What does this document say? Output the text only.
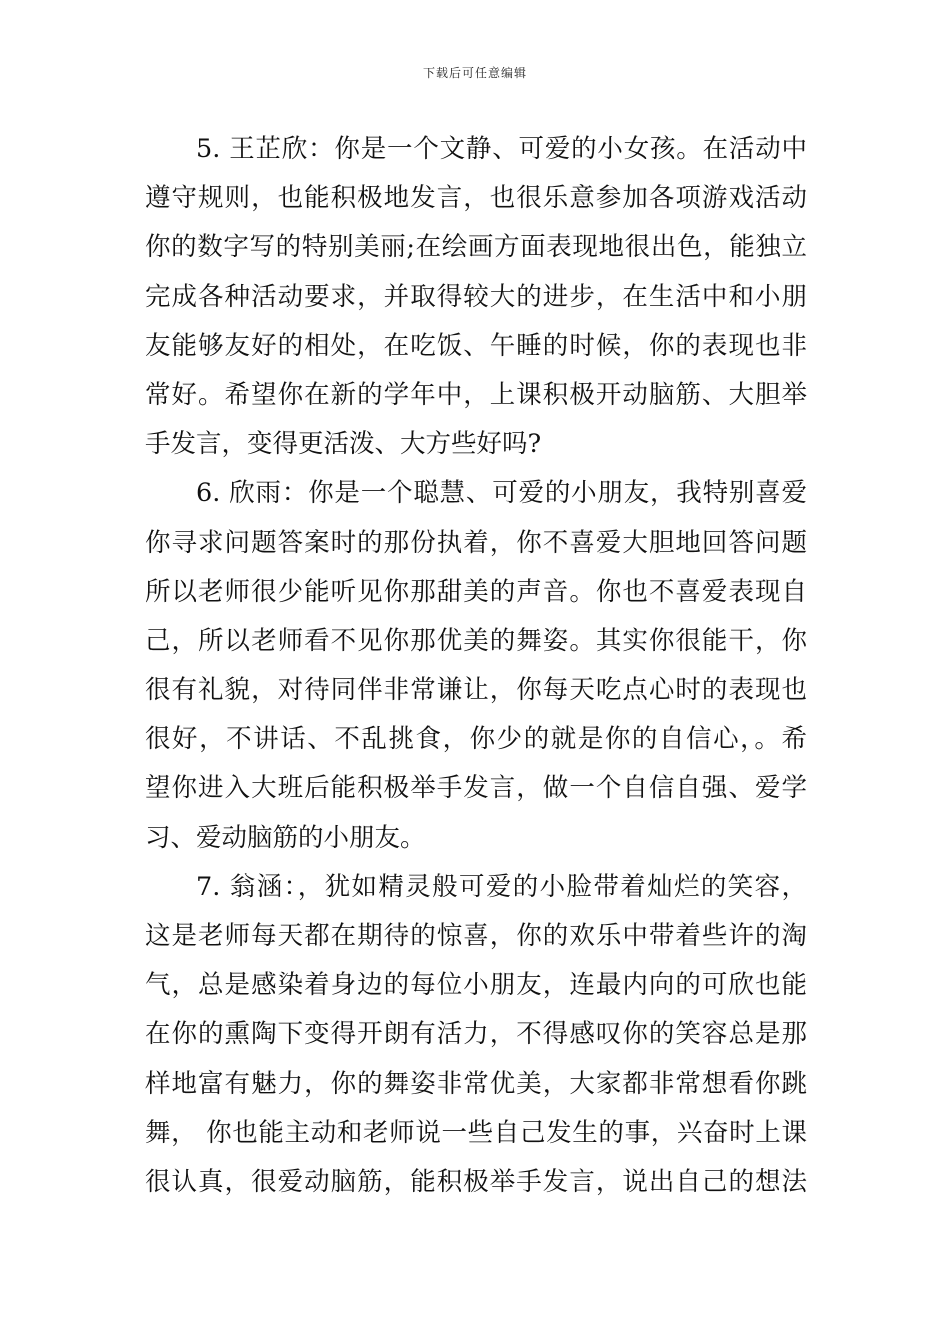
下载后可任意编辑
5. 王芷欣：你是一个文静、可爱的小女孩。在活动中
遵守规则，也能积极地发言，也很乐意参加各项游戏活动
你的数字写的特别美丽;在绘画方面表现地很出色，能独立
完成各种活动要求，并取得较大的进步，在生活中和小朋
友能够友好的相处，在吃饭、午睡的时候，你的表现也非
常好。希望你在新的学年中，上课积极开动脑筋、大胆举
手发言，变得更活泼、大方些好吗?
6. 欣雨：你是一个聪慧、可爱的小朋友，我特别喜爱
你寻求问题答案时的那份执着，你不喜爱大胆地回答问题
所以老师很少能听见你那甜美的声音。你也不喜爱表现自
己，所以老师看不见你那优美的舞姿。其实你很能干，你
很有礼貌，对待同伴非常谦让，你每天吃点心时的表现也
很好，不讲话、不乱挑食，你少的就是你的自信心，。希
望你进入大班后能积极举手发言，做一个自信自强、爱学
习、爱动脑筋的小朋友。
7. 翁涵：，犹如精灵般可爱的小脸带着灿烂的笑容，
这是老师每天都在期待的惊喜，你的欢乐中带着些许的淘
气，总是感染着身边的每位小朋友，连最内向的可欣也能
在你的熏陶下变得开朗有活力，不得感叹你的笑容总是那
样地富有魅力，你的舞姿非常优美，大家都非常想看你跳
舞， 你也能主动和老师说一些自己发生的事，兴奋时上课
很认真，很爱动脑筋，能积极举手发言，说出自己的想法
